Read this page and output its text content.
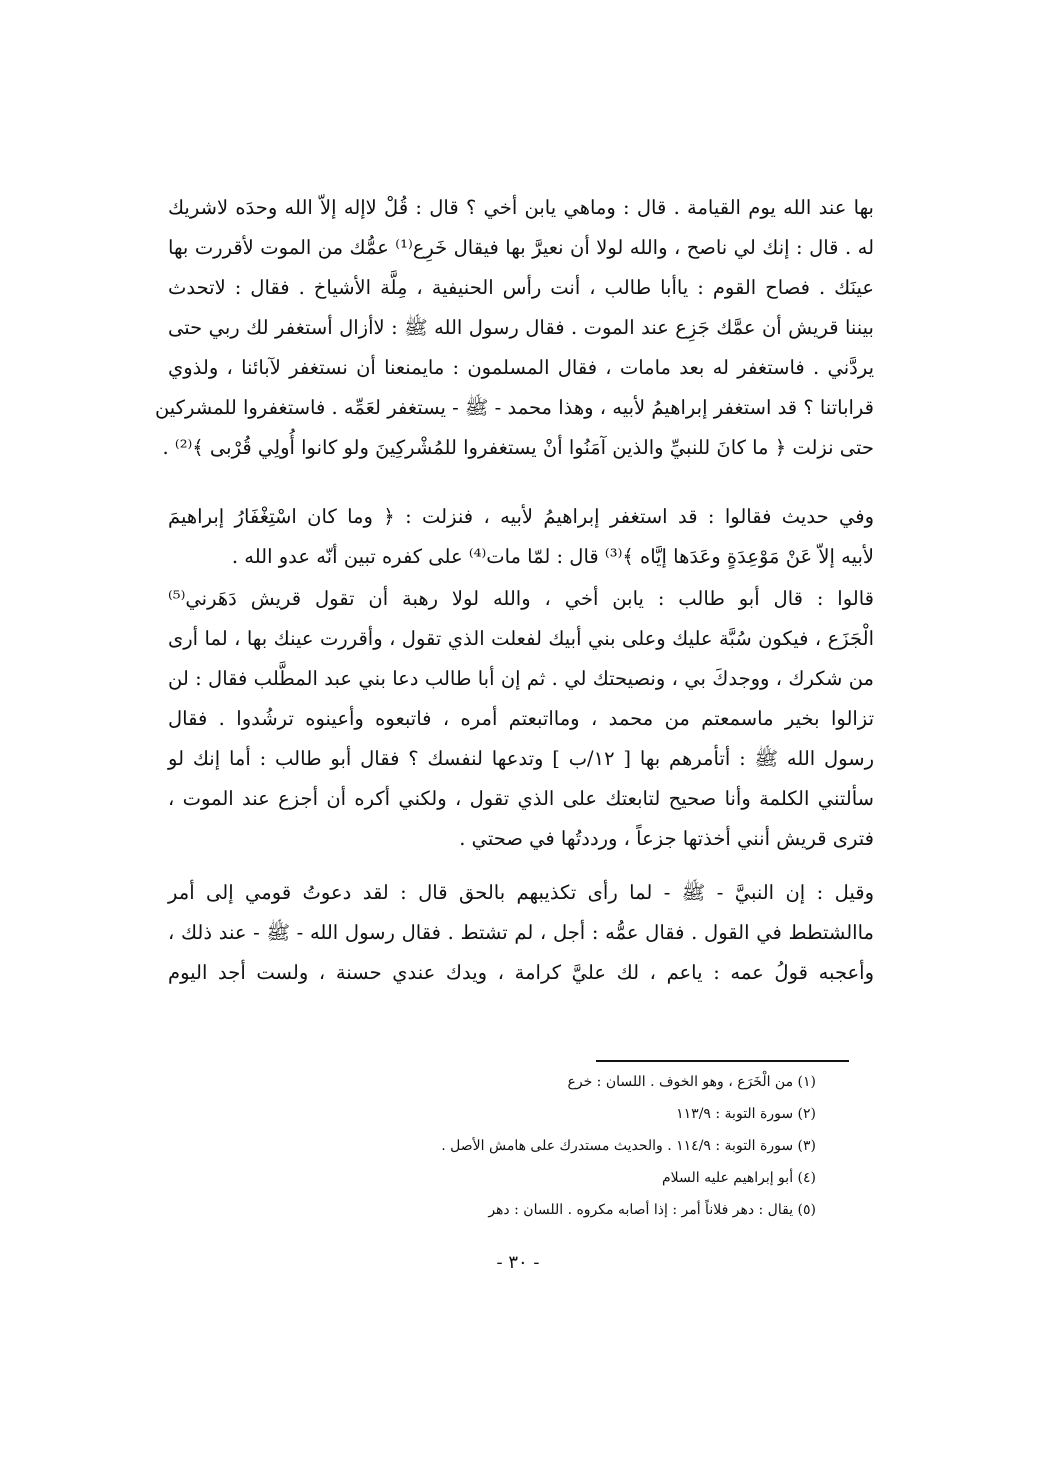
بها عند الله يوم القيامة . قال : وماهي يابن أخي ؟ قال : قُلْ لاإله إلاّ الله وحدَه لاشريك
له . قال : إنك لي ناصح ، والله لولا أن نعيرَّ بها فيقال خَرِع⁽¹⁾ عمُّك من الموت لأقررت بها
عينَك . فصاح القوم : ياأبا طالب ، أنت رأس الحنيفية ، مِلَّة الأشياخ . فقال : لاتحدث
بيننا قريش أن عمَّك جَزِع عند الموت . فقال رسول الله ﷺ : لاأزال أستغفر لك ربي حتى
يردَّني . فاستغفر له بعد مامات ، فقال المسلمون : مايمنعنا أن نستغفر لآبائنا ، ولذوي
قراباتنا ؟ قد استغفر إبراهيمُ لأبيه ، وهذا محمد - ﷺ - يستغفر لعَمِّه . فاستغفروا للمشركين
حتى نزلت ﴿ ما كانَ للنبيِّ والذين آمَنُوا أنْ يستغفروا للمُشْركِينَ ولو كانوا أُولِي قُرْبى ﴾⁽²⁾ .
وفي حديث فقالوا : قد استغفر إبراهيمُ لأبيه ، فنزلت : ﴿ وما كان اسْتِغْفَارُ إبراهيمَ
لأبيه إلاّ عَنْ مَوْعِدَةٍ وعَدَها إيَّاه ﴾⁽³⁾ قال : لمّا مات⁽⁴⁾ على كفره تبين أنّه عدو الله .
قالوا : قال أبو طالب : يابن أخي ، والله لولا رهبة أن تقول قريش دَهَرني⁽⁵⁾
الْجَزَع ، فيكون سُبَّة عليك وعلى بني أبيك لفعلت الذي تقول ، وأقررت عينك بها ، لما أرى
من شكرك ، ووجدكَ بي ، ونصيحتك لي . ثم إن أبا طالب دعا بني عبد المطَّلب فقال : لن
تزالوا بخير ماسمعتم من محمد ، ومااتبعتم أمره ، فاتبعوه وأعينوه ترشُدوا . فقال
رسول الله ﷺ : أتأمرهم بها [ ١٢/ب ] وتدعها لنفسك ؟ فقال أبو طالب : أما إنك لو
سألتني الكلمة وأنا صحيح لتابعتك على الذي تقول ، ولكني أكره أن أجزع عند الموت ،
فترى قريش أنني أخذتها جزعاً ، ورددتُها في صحتي .
وقيل : إن النبيَّ - ﷺ - لما رأى تكذيبهم بالحق قال : لقد دعوتُ قومي إلى أمر
ماالشتطط في القول . فقال عمُّه : أجل ، لم تشتط . فقال رسول الله - ﷺ - عند ذلك ،
وأعجبه قولُ عمه : ياعم ، لك عليَّ كرامة ، ويدك عندي حسنة ، ولست أجد اليوم
(١) من الْخَرَع ، وهو الخوف . اللسان : خرع
(٢) سورة التوبة : ١١٣/٩
(٣) سورة التوبة : ١١٤/٩ . والحديث مستدرك على هامش الأصل .
(٤) أبو إبراهيم عليه السلام
(٥) يقال : دهر فلاناً أمر : إذا أصابه مكروه . اللسان : دهر
- ٣٠ -
